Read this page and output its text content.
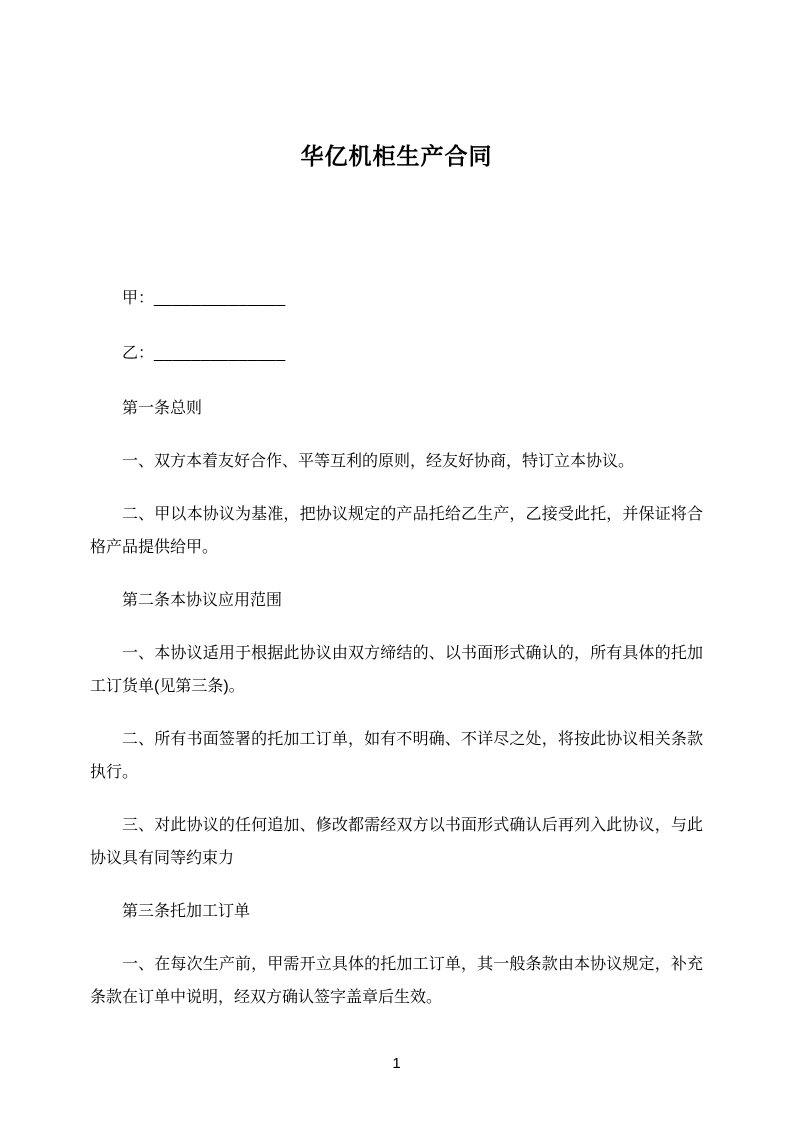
华亿机柜生产合同

甲：______________

乙：______________

第一条总则

一、双方本着友好合作、平等互利的原则，经友好协商，特订立本协议。

二、甲以本协议为基准，把协议规定的产品托给乙生产，乙接受此托，并保证将合格产品提供给甲。

第二条本协议应用范围

一、本协议适用于根据此协议由双方缔结的、以书面形式确认的，所有具体的托加工订货单(见第三条)。

二、所有书面签署的托加工订单，如有不明确、不详尽之处，将按此协议相关条款执行。

三、对此协议的任何追加、修改都需经双方以书面形式确认后再列入此协议，与此协议具有同等约束力

第三条托加工订单

一、在每次生产前，甲需开立具体的托加工订单，其一般条款由本协议规定，补充条款在订单中说明，经双方确认签字盖章后生效。

1
